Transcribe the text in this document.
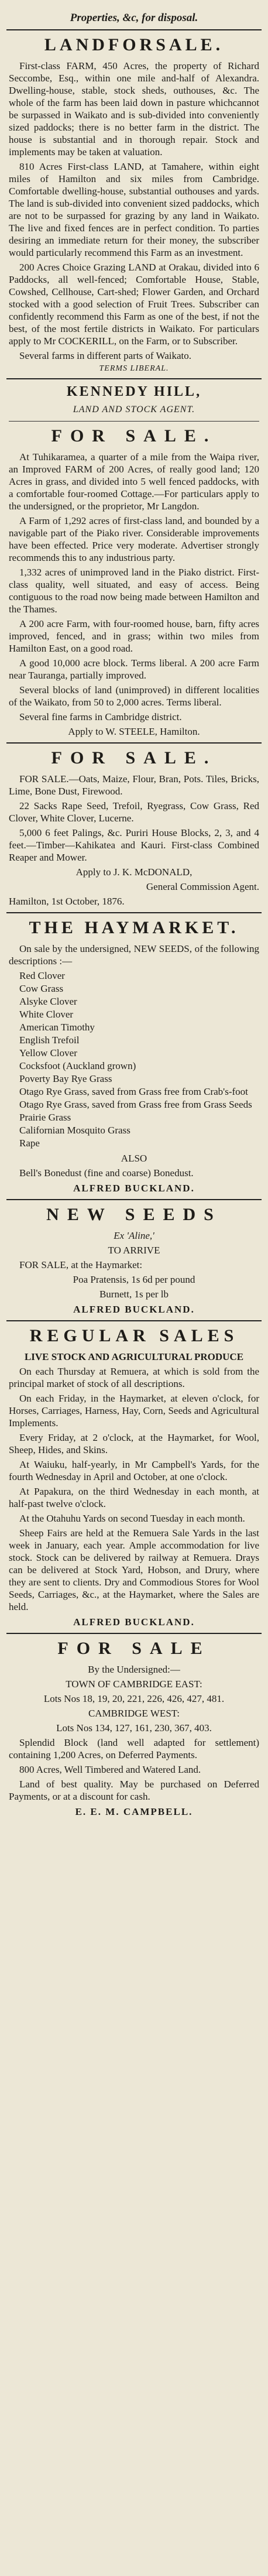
Properties, &c, for disposal.
LANDFORSALE.

First-class FARM, 450 Acres, the property of Richard Seccombe, Esq., within one mile and-half of Alexandra. Dwelling-house, stable, stock sheds, outhouses, &c. The whole of the farm has been laid down in pasture whichcannot be surpassed in Waikato and is sub-divided into conveniently sized paddocks; there is no better farm in the district. The house is substantial and in thorough repair. Stock and implements may be taken at valuation.

810 Acres First-class LAND, at Tamahere, within eight miles of Hamilton and six miles from Cambridge. Comfortable dwelling-house, substantial outhouses and yards. The land is sub-divided into convenient sized paddocks, which are not to be surpassed for grazing by any land in Waikato. The live and fixed fences are in perfect condition. To parties desiring an immediate return for their money, the subscriber would particularly recommend this Farm as an investment.

200 Acres Choice Grazing LAND at Orakau, divided into 6 Paddocks, all well-fenced; Comfortable House, Stable, Cowshed, Cellhouse, Cart-shed; Flower Garden, and Orchard stocked with a good selection of Fruit Trees. Subscriber can confidently recommend this Farm as one of the best, if not the best, of the most fertile districts in Waikato. For particulars apply to Mr COCKERILL, on the Farm, or to Subscriber.

Several farms in different parts of Waikato.

TERMS LIBERAL.
KENNEDY HILL,
LAND AND STOCK AGENT.
FOR SALE.

At Tuhikaramea, a quarter of a mile from the Waipa river, an Improved FARM of 200 Acres, of really good land; 120 Acres in grass, and divided into 5 well fenced paddocks, with a comfortable four-roomed Cottage.—For particulars apply to the undersigned, or the proprietor, Mr Langdon.

A Farm of 1,292 acres of first-class land, and bounded by a navigable part of the Piako river. Considerable improvements have been effected. Price very moderate. Advertiser strongly recommends this to any industrious party.

1,332 acres of unimproved land in the Piako district. First-class quality, well situated, and easy of access. Being contiguous to the road now being made between Hamilton and the Thames.

A 200 acre Farm, with four-roomed house, barn, fifty acres improved, fenced, and in grass; within two miles from Hamilton East, on a good road.

A good 10,000 acre block. Terms liberal. A 200 acre Farm near Tauranga, partially improved.

Several blocks of land (unimproved) in different localities of the Waikato, from 50 to 2,000 acres. Terms liberal.

Several fine farms in Cambridge district.

Apply to W. STEELE, Hamilton.
FOR SALE.

FOR SALE.—Oats, Maize, Flour, Bran, Pots. Tiles, Bricks, Lime, Bone Dust, Firewood.

22 Sacks Rape Seed, Trefoil, Ryegrass, Cow Grass, Red Clover, White Clover, Lucerne.

5,000 6 feet Palings, &c. Puriri House Blocks, 2, 3, and 4 feet.—Timber—Kahikatea and Kauri. First-class Combined Reaper and Mower.

Apply to J. K. McDONALD,
General Commission Agent.
Hamilton, 1st October, 1876.
THE HAYMARKET.

On sale by the undersigned, NEW SEEDS, of the following descriptions :—

Red Clover
Cow Grass
Alsyke Clover
White Clover
American Timothy
English Trefoil
Yellow Clover
Cocksfoot (Auckland grown)
Poverty Bay Rye Grass
Otago Rye Grass, saved from Grass free from Crab's-foot
Otago Rye Grass, saved from Grass free from Grass Seeds
Prairie Grass
Californian Mosquito Grass
Rape
ALSO

Bell's Bonedust (fine and coarse) Bonedust.

ALFRED BUCKLAND.
NEW SEEDS
Ex 'Aline,'
TO ARRIVE

FOR SALE, at the Haymarket:

Poa Pratensis, 1s 6d per pound
Burnett, 1s per lb
ALFRED BUCKLAND.
REGULAR SALES
LIVE STOCK AND AGRICULTURAL PRODUCE

On each Thursday at Remuera, at which is sold from the principal market of stock of all descriptions.

On each Friday, in the Haymarket, at eleven o'clock, for Horses, Carriages, Harness, Hay, Corn, Seeds and Agricultural Implements.

Every Friday, at 2 o'clock, at the Haymarket, for Wool, Sheep, Hides, and Skins.

At Waiuku, half-yearly, in Mr Campbell's Yards, for the fourth Wednesday in April and October, at one o'clock.

At Papakura, on the third Wednesday in each month, at half-past twelve o'clock.

At the Otahuhu Yards on second Tuesday in each month.

Sheep Fairs are held at the Remuera Sale Yards in the last week in January, each year. Ample accommodation for live stock. Stock can be delivered by railway at Remuera. Drays can be delivered at Stock Yard, Hobson, and Drury, where they are sent to clients. Dry and Commodious Stores for Wool Seeds, Carriages, &c., at the Haymarket, where the Sales are held.

ALFRED BUCKLAND.
FOR SALE
By the Undersigned:—
TOWN OF CAMBRIDGE EAST:
Lots Nos 18, 19, 20, 221, 226, 426, 427, 481.
CAMBRIDGE WEST:
Lots Nos 134, 127, 161, 230, 367, 403.

Splendid Block (land well adapted for settlement) containing 1,200 Acres, on Deferred Payments.

800 Acres, Well Timbered and Watered Land.

Land of best quality. May be purchased on Deferred Payments, or at a discount for cash.

E. E. M. CAMPBELL.
